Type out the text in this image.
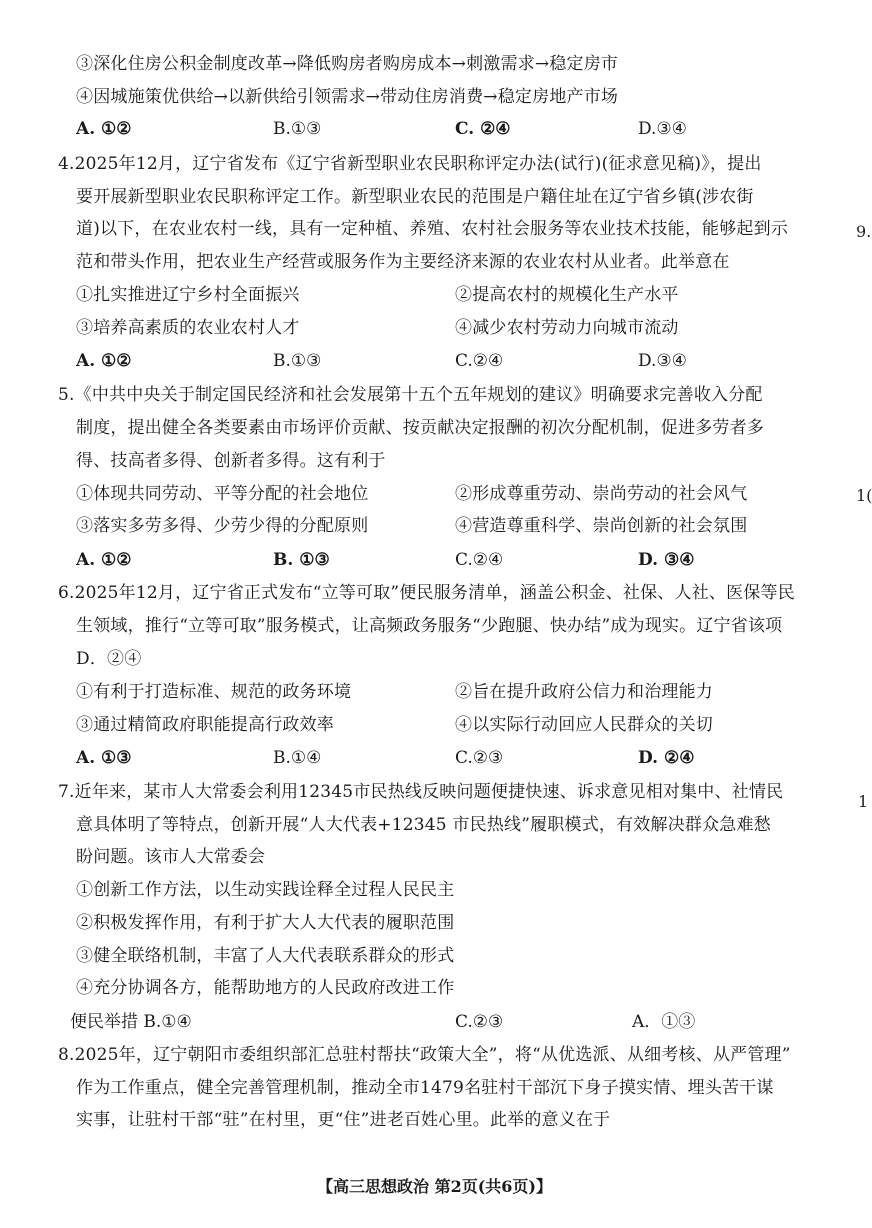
③深化住房公积金制度改革→降低购房者购房成本→刺激需求→稳定房市
④因城施策优供给→以新供给引领需求→带动住房消费→稳定房地产市场
A. ①②	B.①③	C. ②④	D.③④
4.2025年12月，辽宁省发布《辽宁省新型职业农民职称评定办法(试行)(征求意见稿)》，提出
要开展新型职业农民职称评定工作。新型职业农民的范围是户籍住址在辽宁省乡镇(涉农街
道)以下，在农业农村一线，具有一定种植、养殖、农村社会服务等农业技术技能，能够起到示
范和带头作用，把农业生产经营或服务作为主要经济来源的农业农村从业者。此举意在
①扎实推进辽宁乡村全面振兴	②提高农村的规模化生产水平
③培养高素质的农业农村人才	④减少农村劳动力向城市流动
A. ①②	B.①③	C.②④	D.③④
5.《中共中央关于制定国民经济和社会发展第十五个五年规划的建议》明确要求完善收入分配
制度，提出健全各类要素由市场评价贡献、按贡献决定报酬的初次分配机制，促进多劳者多
得、技高者多得、创新者多得。这有利于
①体现共同劳动、平等分配的社会地位	②形成尊重劳动、崇尚劳动的社会风气
③落实多劳多得、少劳少得的分配原则	④营造尊重科学、崇尚创新的社会氛围
A. ①②	B. ①③	C.②④	D. ③④
6.2025年12月，辽宁省正式发布“立等可取”便民服务清单，涵盖公积金、社保、人社、医保等民
生领域，推行“立等可取”服务模式，让高频政务服务“少跑腿、快办结”成为现实。辽宁省该项
D．②④
①有利于打造标准、规范的政务环境	②旨在提升政府公信力和治理能力
③通过精简政府职能提高行政效率	④以实际行动回应人民群众的关切
A. ①③	B.①④	C.②③	D. ②④
7.近年来，某市人大常委会利用12345市民热线反映问题便捷快速、诉求意见相对集中、社情民
意具体明了等特点，创新开展“人大代表+12345 市民热线”履职模式，有效解决群众急难愁
盼问题。该市人大常委会
①创新工作方法，以生动实践诠释全过程人民民主
②积极发挥作用，有利于扩大人大代表的履职范围
③健全联络机制，丰富了人大代表联系群众的形式
④充分协调各方，能帮助地方的人民政府改进工作
便民举措 B.①④	C.②③	A．①③
8.2025年，辽宁朝阳市委组织部汇总驻村帮扶“政策大全”，将“从优选派、从细考核、从严管理”
作为工作重点，健全完善管理机制，推动全市1479名驻村干部沉下身子摸实情、埋头苦干谋
实事，让驻村干部“驻”在村里，更“住”进老百姓心里。此举的意义在于
9.
1(
1
【高三思想政治 第2页(共6页)】
